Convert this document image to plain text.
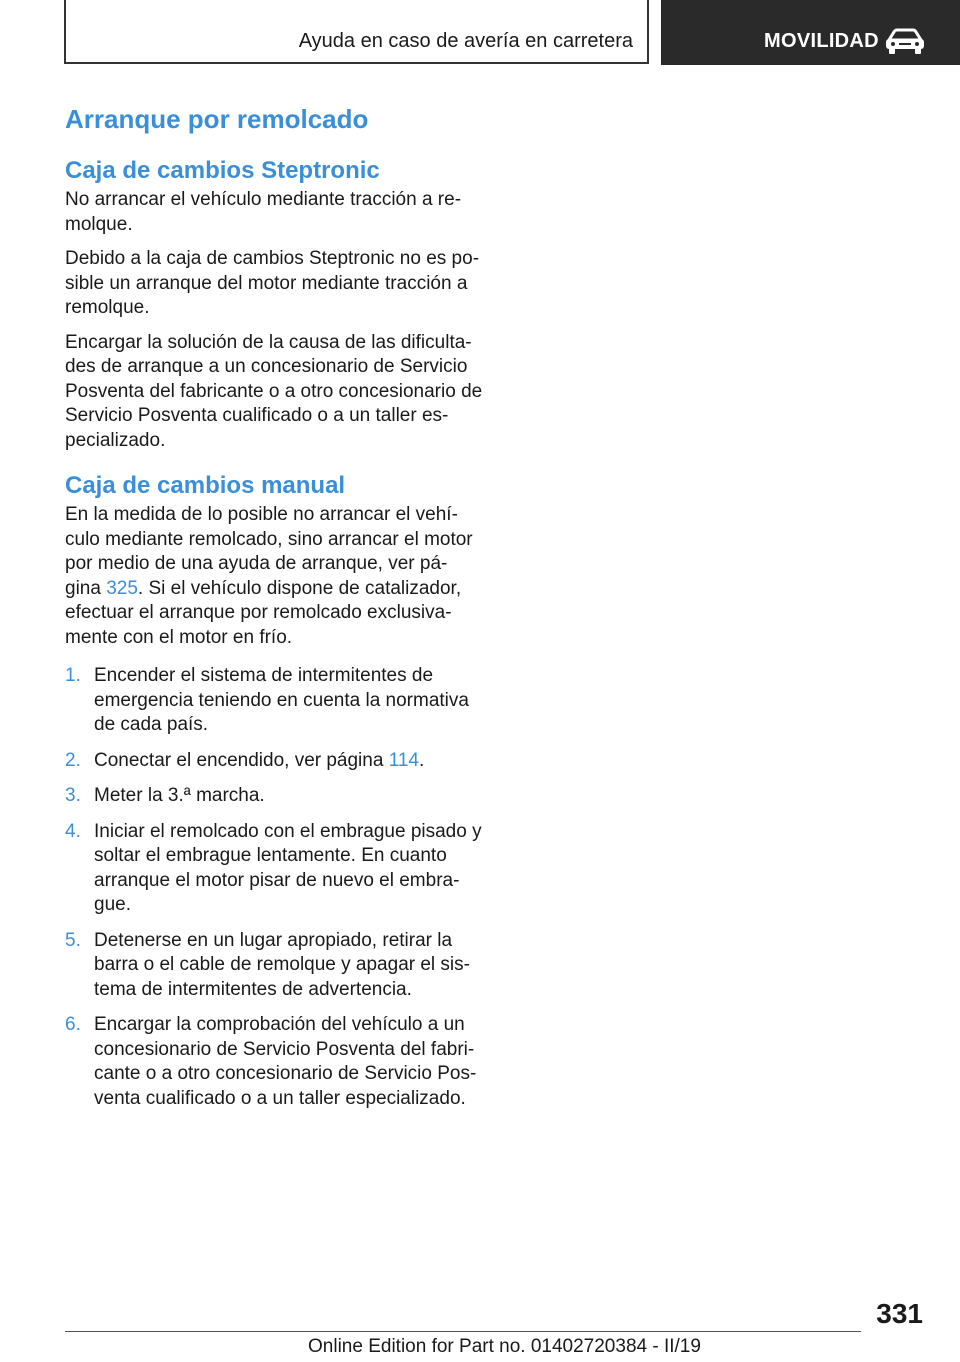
Ayuda en caso de avería en carretera	MOVILIDAD
Arranque por remolcado
Caja de cambios Steptronic

No arrancar el vehículo mediante tracción a re-molque.

Debido a la caja de cambios Steptronic no es po-sible un arranque del motor mediante tracción a remolque.

Encargar la solución de la causa de las dificulta-des de arranque a un concesionario de Servicio Posventa del fabricante o a otro concesionario de Servicio Posventa cualificado o a un taller es-pecializado.

Caja de cambios manual

En la medida de lo posible no arrancar el vehí-culo mediante remolcado, sino arrancar el motor por medio de una ayuda de arranque, ver pá-gina 325. Si el vehículo dispone de catalizador, efectuar el arranque por remolcado exclusiva-mente con el motor en frío.

1. Encender el sistema de intermitentes de emergencia teniendo en cuenta la normativa de cada país.
2. Conectar el encendido, ver página 114.
3. Meter la 3.ª marcha.
4. Iniciar el remolcado con el embrague pisado y soltar el embrague lentamente. En cuanto arranque el motor pisar de nuevo el embra-gue.
5. Detenerse en un lugar apropiado, retirar la barra o el cable de remolque y apagar el sis-tema de intermitentes de advertencia.
6. Encargar la comprobación del vehículo a un concesionario de Servicio Posventa del fabri-cante o a otro concesionario de Servicio Pos-venta cualificado o a un taller especializado.
331
Online Edition for Part no. 01402720384 - II/19
